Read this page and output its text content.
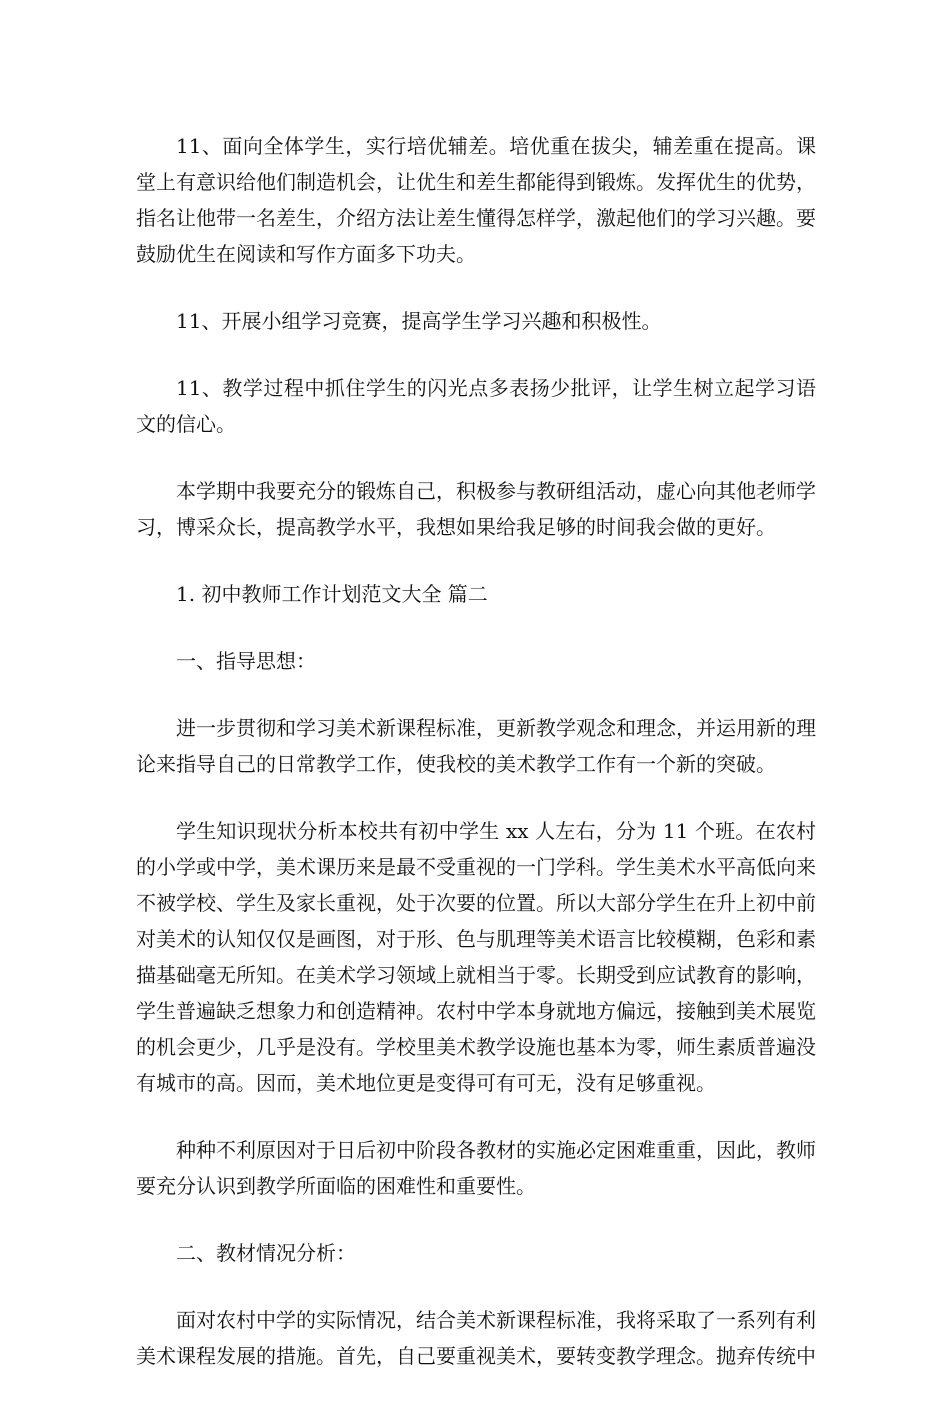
11、面向全体学生，实行培优辅差。培优重在拔尖，辅差重在提高。课堂上有意识给他们制造机会，让优生和差生都能得到锻炼。发挥优生的优势，指名让他带一名差生，介绍方法让差生懂得怎样学，激起他们的学习兴趣。要鼓励优生在阅读和写作方面多下功夫。

11、开展小组学习竞赛，提高学生学习兴趣和积极性。

11、教学过程中抓住学生的闪光点多表扬少批评，让学生树立起学习语文的信心。

本学期中我要充分的锻炼自己，积极参与教研组活动，虚心向其他老师学习，博采众长，提高教学水平，我想如果给我足够的时间我会做的更好。

1. 初中教师工作计划范文大全 篇二

一、指导思想：

进一步贯彻和学习美术新课程标准，更新教学观念和理念，并运用新的理论来指导自己的日常教学工作，使我校的美术教学工作有一个新的突破。

学生知识现状分析本校共有初中学生 xx 人左右，分为 11 个班。在农村的小学或中学，美术课历来是最不受重视的一门学科。学生美术水平高低向来不被学校、学生及家长重视，处于次要的位置。所以大部分学生在升上初中前对美术的认知仅仅是画图，对于形、色与肌理等美术语言比较模糊，色彩和素描基础毫无所知。在美术学习领域上就相当于零。长期受到应试教育的影响，学生普遍缺乏想象力和创造精神。农村中学本身就地方偏远，接触到美术展览的机会更少，几乎是没有。学校里美术教学设施也基本为零，师生素质普遍没有城市的高。因而，美术地位更是变得可有可无，没有足够重视。

种种不利原因对于日后初中阶段各教材的实施必定困难重重，因此，教师要充分认识到教学所面临的困难性和重要性。

二、教材情况分析：

面对农村中学的实际情况，结合美术新课程标准，我将采取了一系列有利美术课程发展的措施。首先，自己要重视美术，要转变教学理念。抛弃传统中
